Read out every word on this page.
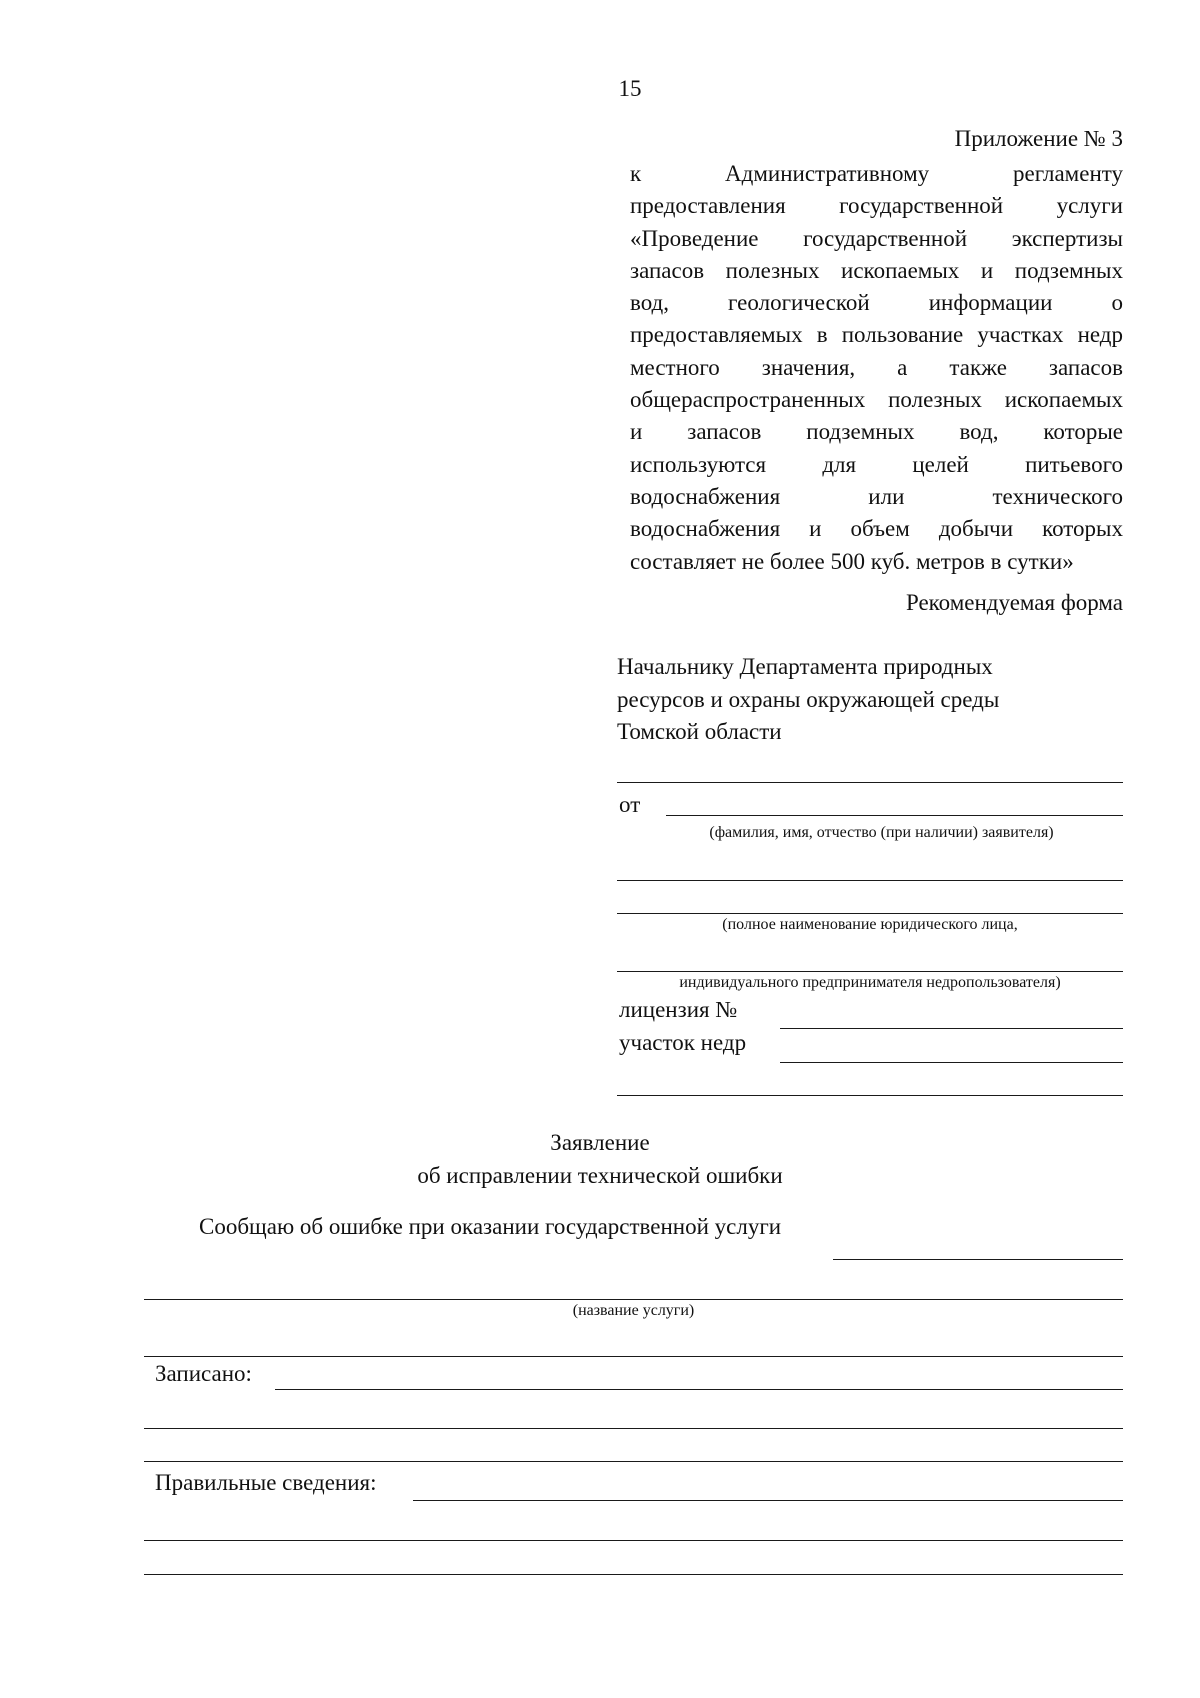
15
Приложение № 3
к Административному регламенту
предоставления государственной услуги
«Проведение государственной экспертизы
запасов полезных ископаемых и подземных
вод, геологической информации о
предоставляемых в пользование участках недр
местного значения, а также запасов
общераспространенных полезных ископаемых
и запасов подземных вод, которые
используются для целей питьевого
водоснабжения или технического
водоснабжения и объем добычи которых
составляет не более 500 куб. метров в сутки»
Рекомендуемая форма
Начальнику Департамента природных
ресурсов и охраны окружающей среды
Томской области
от
(фамилия, имя, отчество (при наличии) заявителя)
(полное наименование юридического лица,
индивидуального предпринимателя недропользователя)
лицензия №
участок недр
Заявление
об исправлении технической ошибки
Сообщаю об ошибке при оказании государственной услуги
(название услуги)
Записано:
Правильные сведения:
